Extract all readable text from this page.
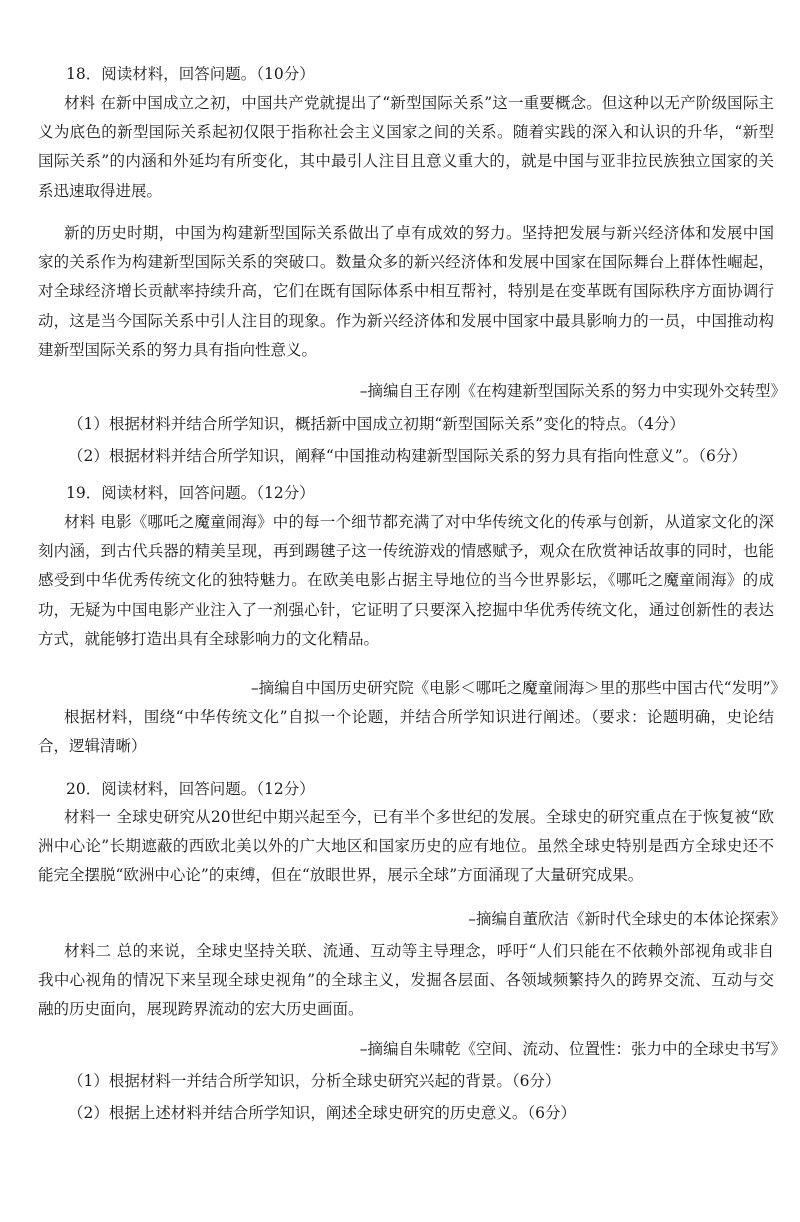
18．阅读材料，回答问题。（10分）

材料 在新中国成立之初，中国共产党就提出了“新型国际关系”这一重要概念。但这种以无产阶级国际主义为底色的新型国际关系起初仅限于指称社会主义国家之间的关系。随着实践的深入和认识的升华，“新型国际关系”的内涵和外延均有所变化，其中最引人注目且意义重大的，就是中国与亚非拉民族独立国家的关系迅速取得进展。

新的历史时期，中国为构建新型国际关系做出了卓有成效的努力。坚持把发展与新兴经济体和发展中国家的关系作为构建新型国际关系的突破口。数量众多的新兴经济体和发展中国家在国际舞台上群体性崛起，对全球经济增长贡献率持续升高，它们在既有国际体系中相互帮衬，特别是在变革既有国际秩序方面协调行动，这是当今国际关系中引人注目的现象。作为新兴经济体和发展中国家中最具影响力的一员，中国推动构建新型国际关系的努力具有指向性意义。

–摘编自王存刚《在构建新型国际关系的努力中实现外交转型》
（1）根据材料并结合所学知识，概括新中国成立初期“新型国际关系”变化的特点。（4分）
（2）根据材料并结合所学知识，阐释“中国推动构建新型国际关系的努力具有指向性意义”。（6分）
19．阅读材料，回答问题。（12分）

材料 电影《哪吒之魔童闹海》中的每一个细节都充满了对中华传统文化的传承与创新，从道家文化的深刻内涵，到古代兵器的精美呈现，再到踢毽子这一传统游戏的情感赋予，观众在欣赏神话故事的同时，也能感受到中华优秀传统文化的独特魅力。在欧美电影占据主导地位的当今世界影坛，《哪吒之魔童闹海》的成功，无疑为中国电影产业注入了一剂强心针，它证明了只要深入挖掘中华优秀传统文化，通过创新性的表达方式，就能够打造出具有全球影响力的文化精品。

–摘编自中国历史研究院《电影＜哪吒之魔童闹海＞里的那些中国古代“发明”》

根据材料，围绕“中华传统文化”自拟一个论题，并结合所学知识进行阐述。（要求：论题明确，史论结合，逻辑清晰）

20．阅读材料，回答问题。（12分）

材料一 全球史研究从20世纪中期兴起至今，已有半个多世纪的发展。全球史的研究重点在于恢复被“欧洲中心论”长期遮蔽的西欧北美以外的广大地区和国家历史的应有地位。虽然全球史特别是西方全球史还不能完全摆脱“欧洲中心论”的束缚，但在“放眼世界，展示全球”方面涌现了大量研究成果。

–摘编自董欣洁《新时代全球史的本体论探索》

材料二 总的来说，全球史坚持关联、流通、互动等主导理念，呼吁“人们只能在不依赖外部视角或非自我中心视角的情况下来呈现全球史视角”的全球主义，发掘各层面、各领域频繁持久的跨界交流、互动与交融的历史面向，展现跨界流动的宏大历史画面。

–摘编自朱啸乾《空间、流动、位置性：张力中的全球史书写》
（1）根据材料一并结合所学知识，分析全球史研究兴起的背景。（6分）
（2）根据上述材料并结合所学知识，阐述全球史研究的历史意义。（6分）
